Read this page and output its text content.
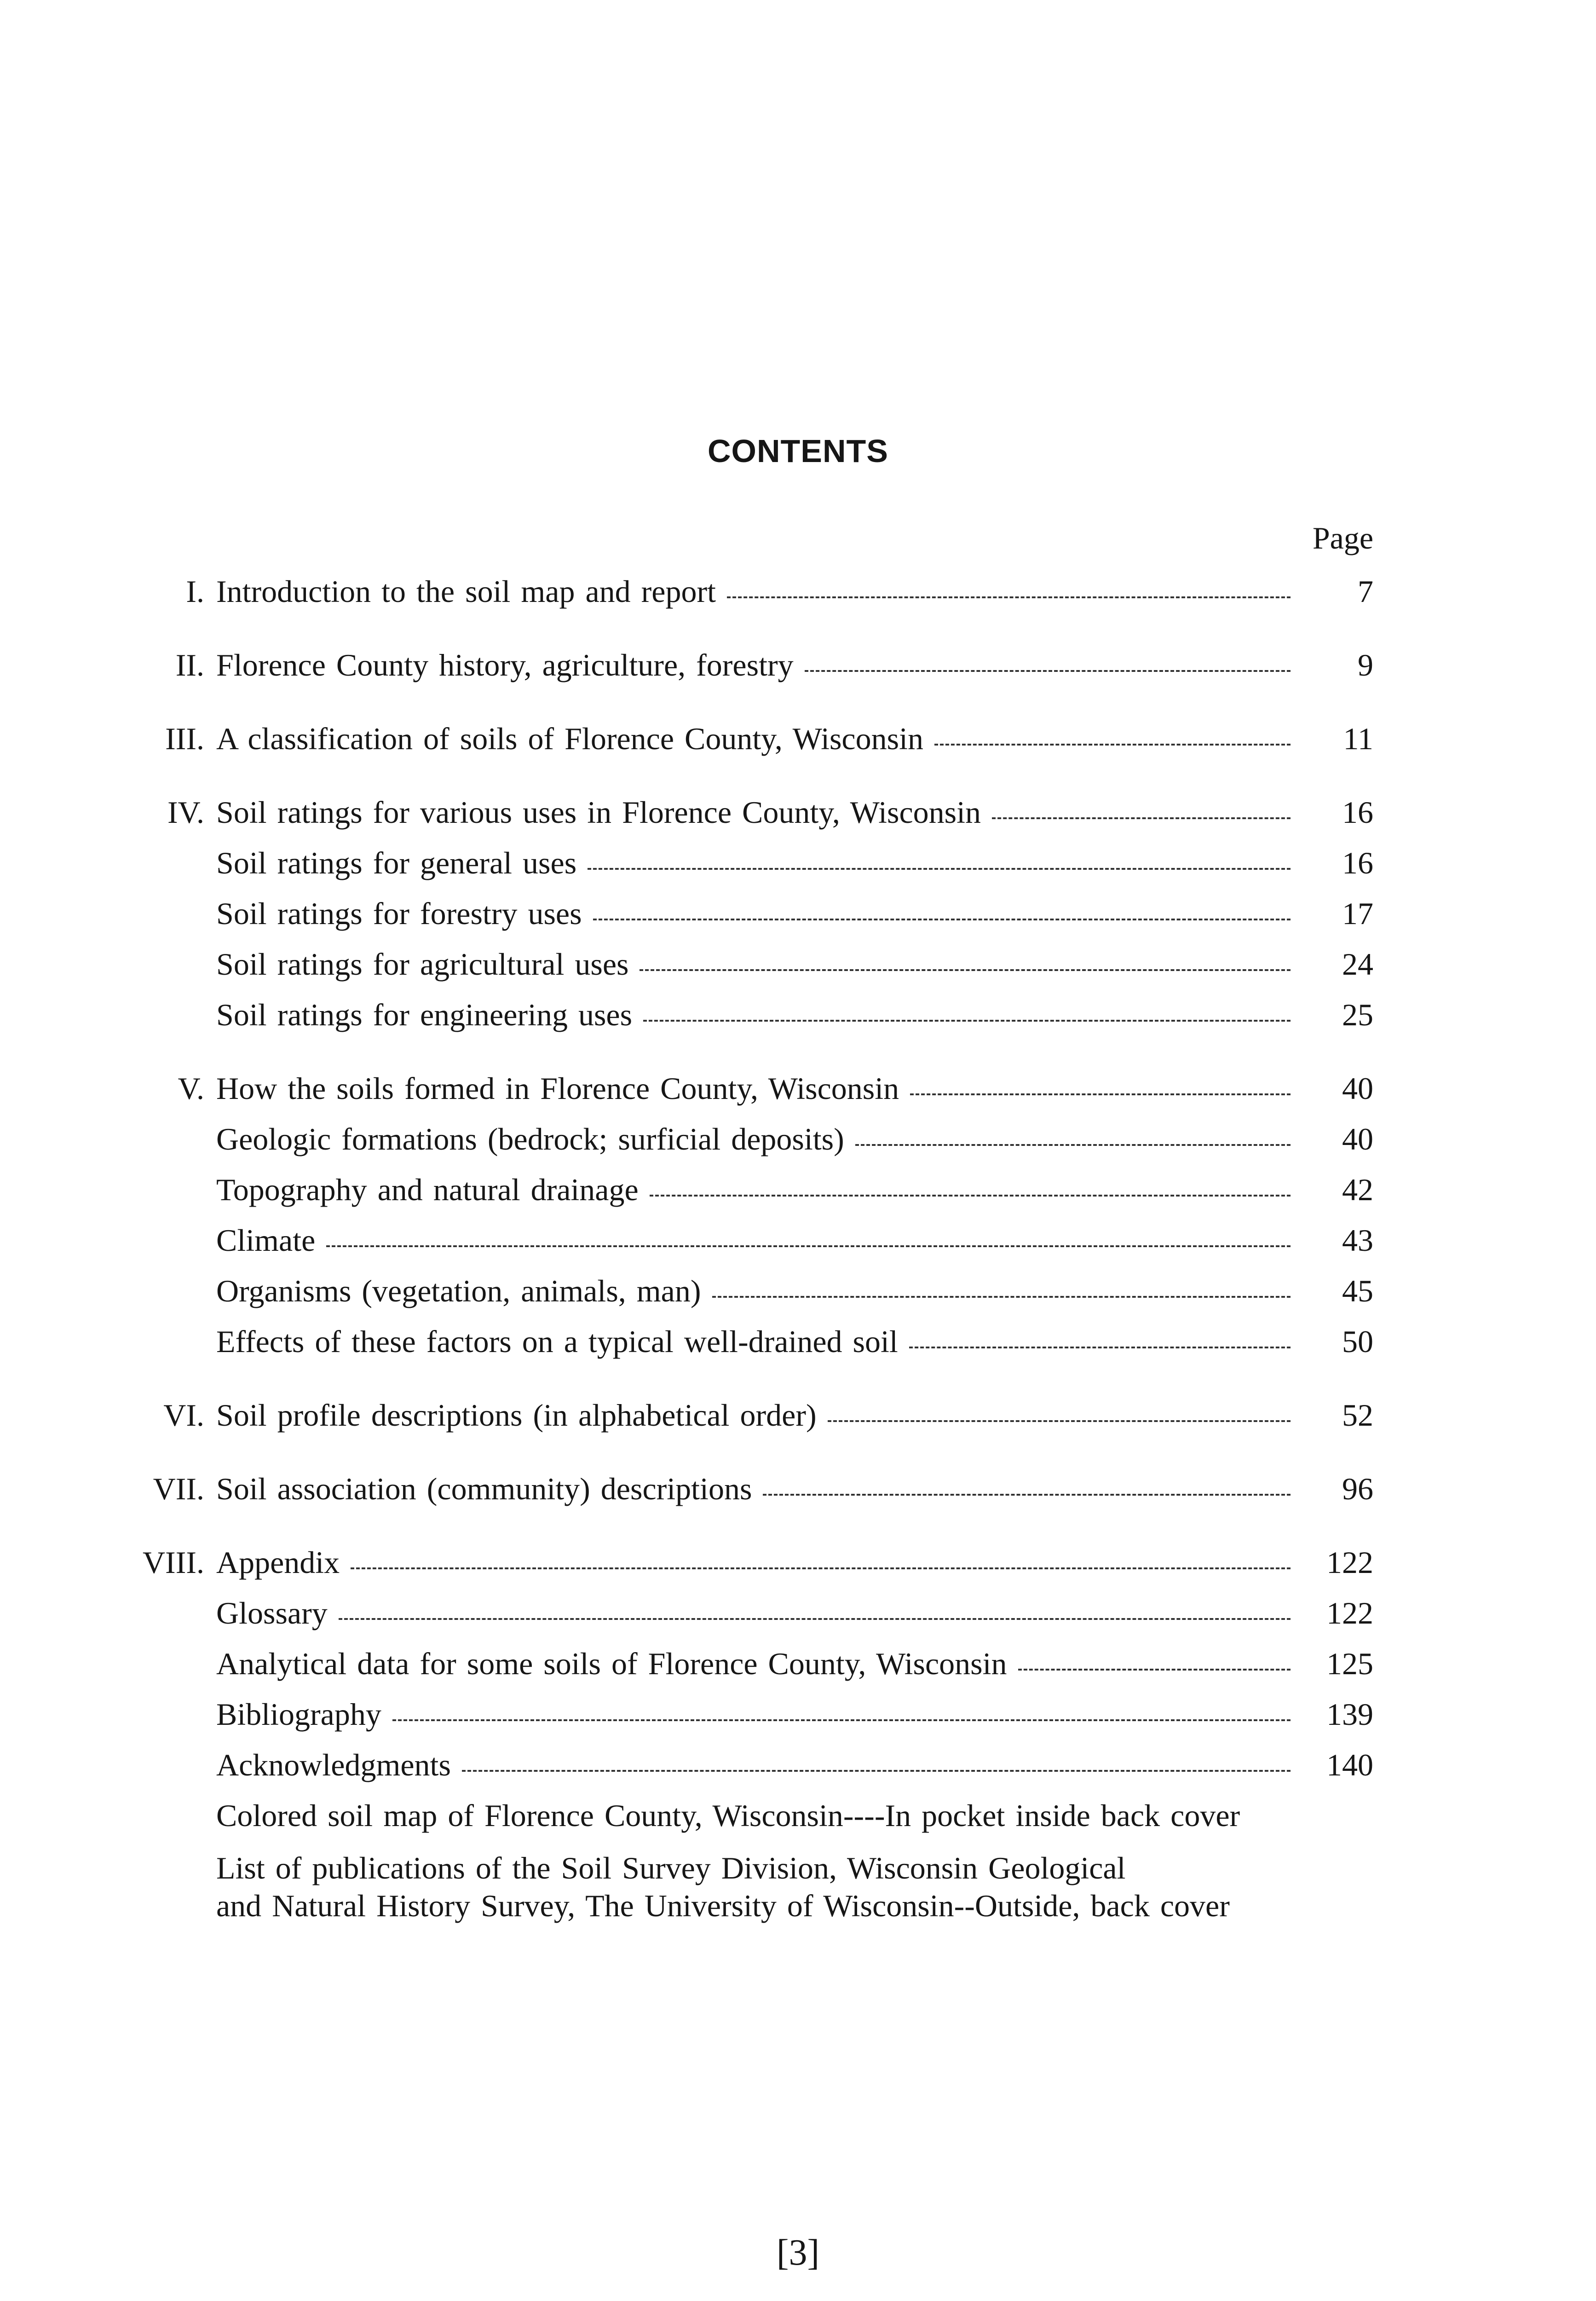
CONTENTS
Page
I. Introduction to the soil map and report	7
II. Florence County history, agriculture, forestry	9
III. A classification of soils of Florence County, Wisconsin	11
IV. Soil ratings for various uses in Florence County, Wisconsin	16
Soil ratings for general uses	16
Soil ratings for forestry uses	17
Soil ratings for agricultural uses	24
Soil ratings for engineering uses	25
V. How the soils formed in Florence County, Wisconsin	40
Geologic formations (bedrock; surficial deposits)	40
Topography and natural drainage	42
Climate	43
Organisms (vegetation, animals, man)	45
Effects of these factors on a typical well-drained soil	50
VI. Soil profile descriptions (in alphabetical order)	52
VII. Soil association (community) descriptions	96
VIII. Appendix	122
Glossary	122
Analytical data for some soils of Florence County, Wisconsin	125
Bibliography	139
Acknowledgments	140
Colored soil map of Florence County, Wisconsin----In pocket inside back cover
List of publications of the Soil Survey Division, Wisconsin Geological
and Natural History Survey, The University of Wisconsin--Outside, back cover
[3]
